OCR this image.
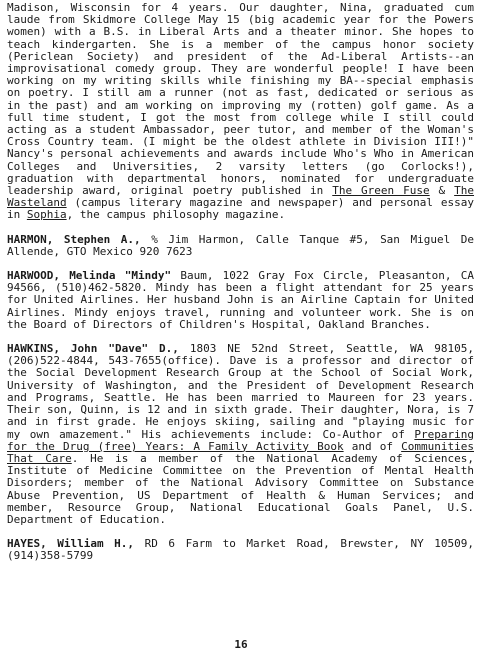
Madison, Wisconsin for 4 years. Our daughter, Nina, graduated cum laude from Skidmore College May 15 (big academic year for the Powers women) with a B.S. in Liberal Arts and a theater minor. She hopes to teach kindergarten. She is a member of the campus honor society (Periclean Society) and president of the Ad-Liberal Artists--an improvisational comedy group. They are wonderful people! I have been working on my writing skills while finishing my BA--special emphasis on poetry. I still am a runner (not as fast, dedicated or serious as in the past) and am working on improving my (rotten) golf game. As a full time student, I got the most from college while I still could acting as a student Ambassador, peer tutor, and member of the Woman's Cross Country team. (I might be the oldest athlete in Division III!)" Nancy's personal achievements and awards include Who's Who in American Colleges and Universities, 2 varsity letters (go Corlocks!), graduation with departmental honors, nominated for undergraduate leadership award, original poetry published in The Green Fuse & The Wasteland (campus literary magazine and newspaper) and personal essay in Sophia, the campus philosophy magazine.

HARMON, Stephen A., % Jim Harmon, Calle Tanque #5, San Miguel De Allende, GTO Mexico 920 7623

HARWOOD, Melinda "Mindy" Baum, 1022 Gray Fox Circle, Pleasanton, CA 94566, (510)462-5820. Mindy has been a flight attendant for 25 years for United Airlines. Her husband John is an Airline Captain for United Airlines. Mindy enjoys travel, running and volunteer work. She is on the Board of Directors of Children's Hospital, Oakland Branches.

HAWKINS, John "Dave" D., 1803 NE 52nd Street, Seattle, WA 98105, (206)522-4844, 543-7655(office). Dave is a professor and director of the Social Development Research Group at the School of Social Work, University of Washington, and the President of Development Research and Programs, Seattle. He has been married to Maureen for 23 years. Their son, Quinn, is 12 and in sixth grade. Their daughter, Nora, is 7 and in first grade. He enjoys skiing, sailing and "playing music for my own amazement." His achievements include: Co-Author of Preparing for the Drug (free) Years: A Family Activity Book and of Communities That Care. He is a member of the National Academy of Sciences, Institute of Medicine Committee on the Prevention of Mental Health Disorders; member of the National Advisory Committee on Substance Abuse Prevention, US Department of Health & Human Services; and member, Resource Group, National Educational Goals Panel, U.S. Department of Education.

HAYES, William H., RD 6 Farm to Market Road, Brewster, NY 10509, (914)358-5799

16
